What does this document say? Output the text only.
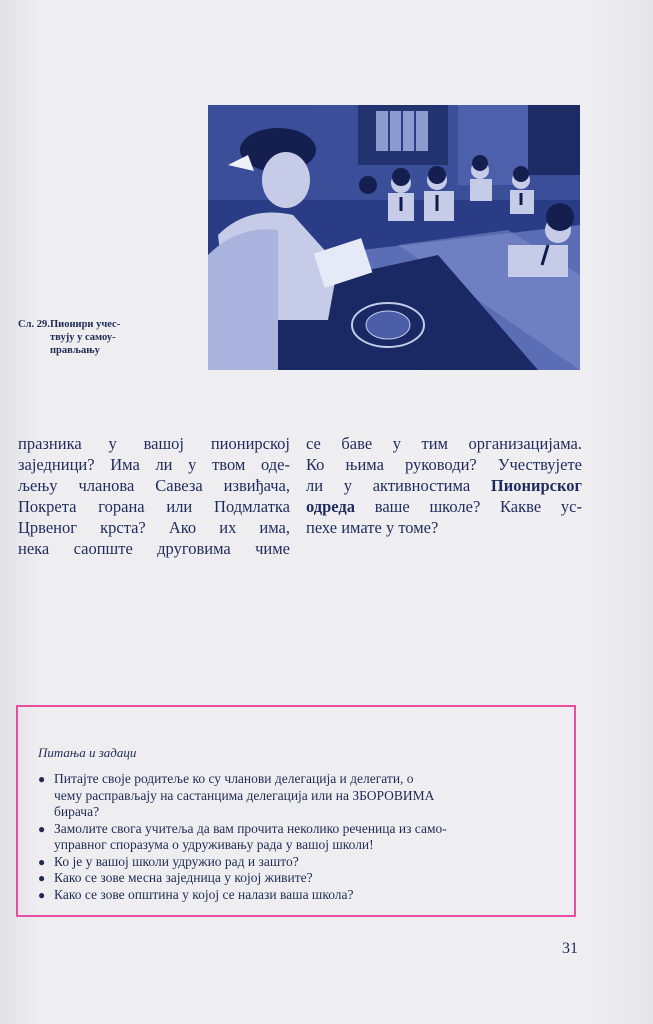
Сл. 29.Пионири учес-
твују у самоу-
прављању
празника у вашој пионирској
заједници? Има ли у твом оде-
љењу чланова Савеза извиђача,
Покрета горана или Подмлатка
Црвеног крста? Ако их има,
нека саопште друговима чиме
се баве у тим организацијама.
Ко њима руководи? Учествујете
ли у активностима Пионирског
одреда ваше школе? Какве ус-
пехе имате у томе?
Питања и задаци
● Питајте своје родитеље ко су чланови делегација и делегати, о
чему расправљају на састанцима делегација или на ЗБОРОВИМА
бирача?
● Замолите свога учитеља да вам прочита неколико реченица из само-
управног споразума о удруживању рада у вашој школи!
● Ко је у вашој школи удружио рад и зашто?
● Како се зове месна заједница у којој живите?
● Како се зове општина у којој се налази ваша школа?
31
